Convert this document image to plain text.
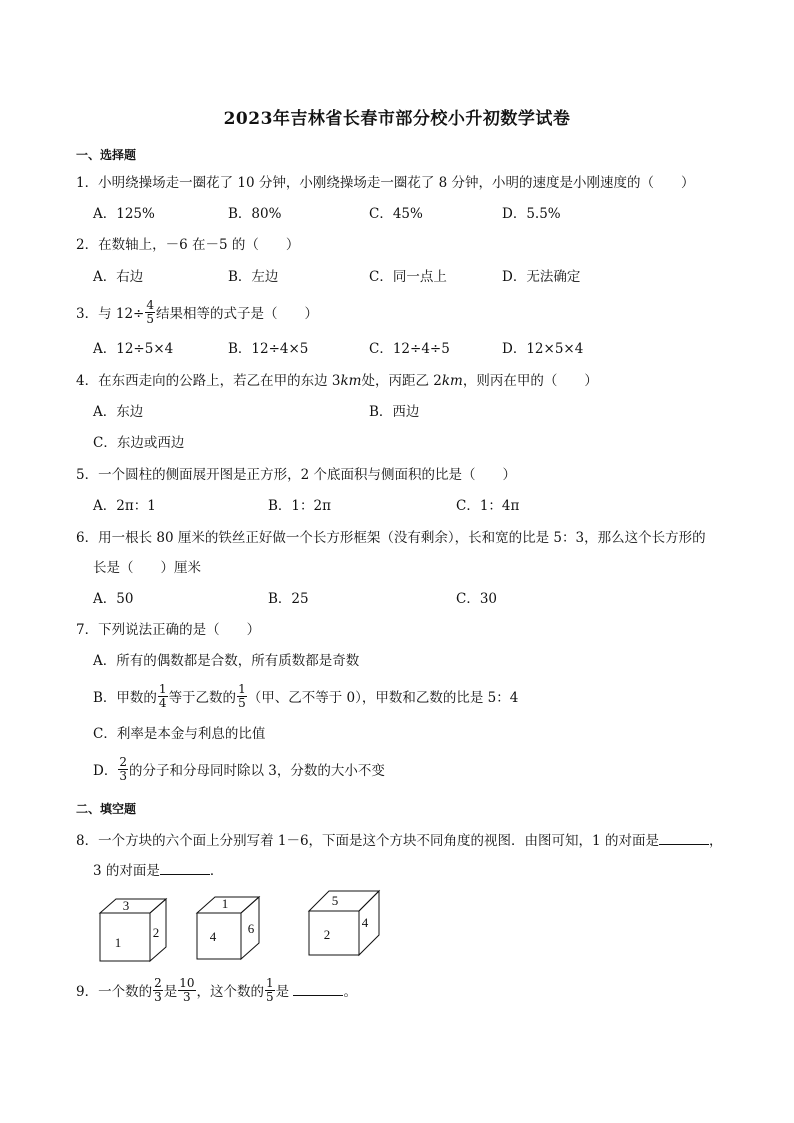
2023年吉林省长春市部分校小升初数学试卷
一、选择题
1．小明绕操场走一圈花了 10 分钟，小刚绕操场走一圈花了 8 分钟，小明的速度是小刚速度的（　　）
A．125%	B．80%	C．45%	D．5.5%
2．在数轴上，－6 在－5 的（　　）
A．右边	B．左边	C．同一点上	D．无法确定
3．与 $12\div \frac{4}{5}$ 结果相等的式子是（　　）
A．12÷5×4	B．12÷4×5	C．12÷4÷5	D．12×5×4
4．在东西走向的公路上，若乙在甲的东边 3km处，丙距乙 2km，则丙在甲的（　　）
A．东边	B．西边
C．东边或西边
5．一个圆柱的侧面展开图是正方形，2 个底面积与侧面积的比是（　　）
A．2π：1	B．1：2π	C．1：4π
6．用一根长 80 厘米的铁丝正好做一个长方形框架（没有剩余），长和宽的比是 5：3，那么这个长方形的
长是（　　）厘米
A．50	B．25	C．30
7．下列说法正确的是（　　）
A．所有的偶数都是合数，所有质数都是奇数
B．甲数的 $\frac{1}{4}$ 等于乙数的 $\frac{1}{5}$ （甲、乙不等于 0），甲数和乙数的比是 5：4
C．利率是本金与利息的比值
D． $\frac{2}{3}$ 的分子和分母同时除以 3，分数的大小不变
二、填空题
8．一个方块的六个面上分别写着 1－6，下面是这个方块不同角度的视图．由图可知，1 的对面是	，
3 的对面是	．
3
1
2
1
4
6
5
2
4
9．一个数的 $\frac{2}{3}$ 是 $\frac{10}{3}$ ，这个数的 $\frac{1}{5}$ 是	。
